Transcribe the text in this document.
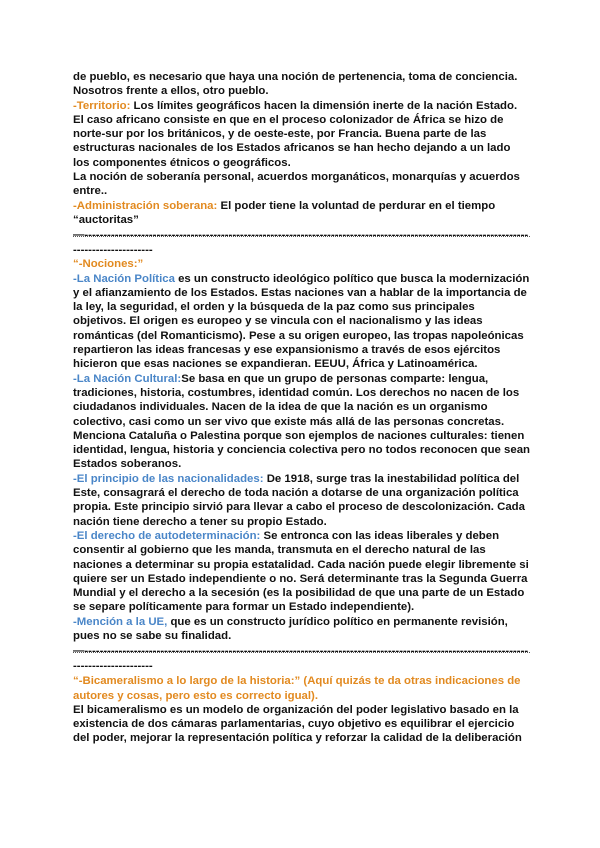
de pueblo, es necesario que haya una noción de pertenencia, toma de conciencia.

Nosotros frente a ellos, otro pueblo.

-Territorio: Los límites geográficos hacen la dimensión inerte de la nación Estado. El caso africano consiste en que en el proceso colonizador de África se hizo de norte-sur por los británicos, y de oeste-este, por Francia. Buena parte de las estructuras nacionales de los Estados africanos se han hecho dejando a un lado los componentes étnicos o geográficos.

La noción de soberanía personal, acuerdos morganáticos, monarquías y acuerdos entre..

-Administración soberana: El poder tiene la voluntad de perdurar en el tiempo “auctoritas”

—------------------------------------------------------------------------------------------------------------------------------------------

“-Nociones:”

-La Nación Política es un constructo ideológico político que busca la modernización y el afianzamiento de los Estados. Estas naciones van a hablar de la importancia de la ley, la seguridad, el orden y la búsqueda de la paz como sus principales objetivos. El origen es europeo y se vincula con el nacionalismo y las ideas románticas (del Romanticismo). Pese a su origen europeo, las tropas napoleónicas repartieron las ideas francesas y ese expansionismo a través de esos ejércitos hicieron que esas naciones se expandieran. EEUU, África y Latinoamérica.

-La Nación Cultural:Se basa en que un grupo de personas comparte: lengua, tradiciones, historia, costumbres, identidad común. Los derechos no nacen de los ciudadanos individuales. Nacen de la idea de que la nación es un organismo colectivo, casi como un ser vivo que existe más allá de las personas concretas. Menciona Cataluña o Palestina porque son ejemplos de naciones culturales: tienen identidad, lengua, historia y conciencia colectiva pero no todos reconocen que sean Estados soberanos.

-El principio de las nacionalidades: De 1918, surge tras la inestabilidad política del Este, consagrará el derecho de toda nación a dotarse de una organización política propia. Este principio sirvió para llevar a cabo el proceso de descolonización. Cada nación tiene derecho a tener su propio Estado.

-El derecho de autodeterminación: Se entronca con las ideas liberales y deben consentir al gobierno que les manda, transmuta en el derecho natural de las naciones a determinar su propia estatalidad. Cada nación puede elegir libremente si quiere ser un Estado independiente o no. Será determinante tras la Segunda Guerra Mundial y el derecho a la secesión (es la posibilidad de que una parte de un Estado se separe políticamente para formar un Estado independiente).

-Mención a la UE, que es un constructo jurídico político en permanente revisión, pues no se sabe su finalidad.

—------------------------------------------------------------------------------------------------------------------------------------------

“-Bicameralismo a lo largo de la historia:” (Aquí quizás te da otras indicaciones de autores y cosas, pero esto es correcto igual).

El bicameralismo es un modelo de organización del poder legislativo basado en la existencia de dos cámaras parlamentarias, cuyo objetivo es equilibrar el ejercicio del poder, mejorar la representación política y reforzar la calidad de la deliberación
